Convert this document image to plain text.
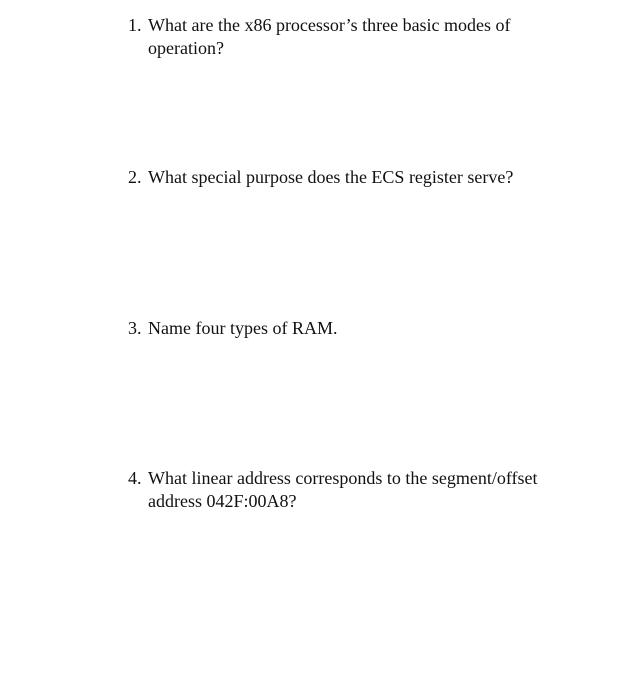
1. What are the x86 processor’s three basic modes of operation?
2. What special purpose does the ECS register serve?
3. Name four types of RAM.
4. What linear address corresponds to the segment/offset address 042F:00A8?
